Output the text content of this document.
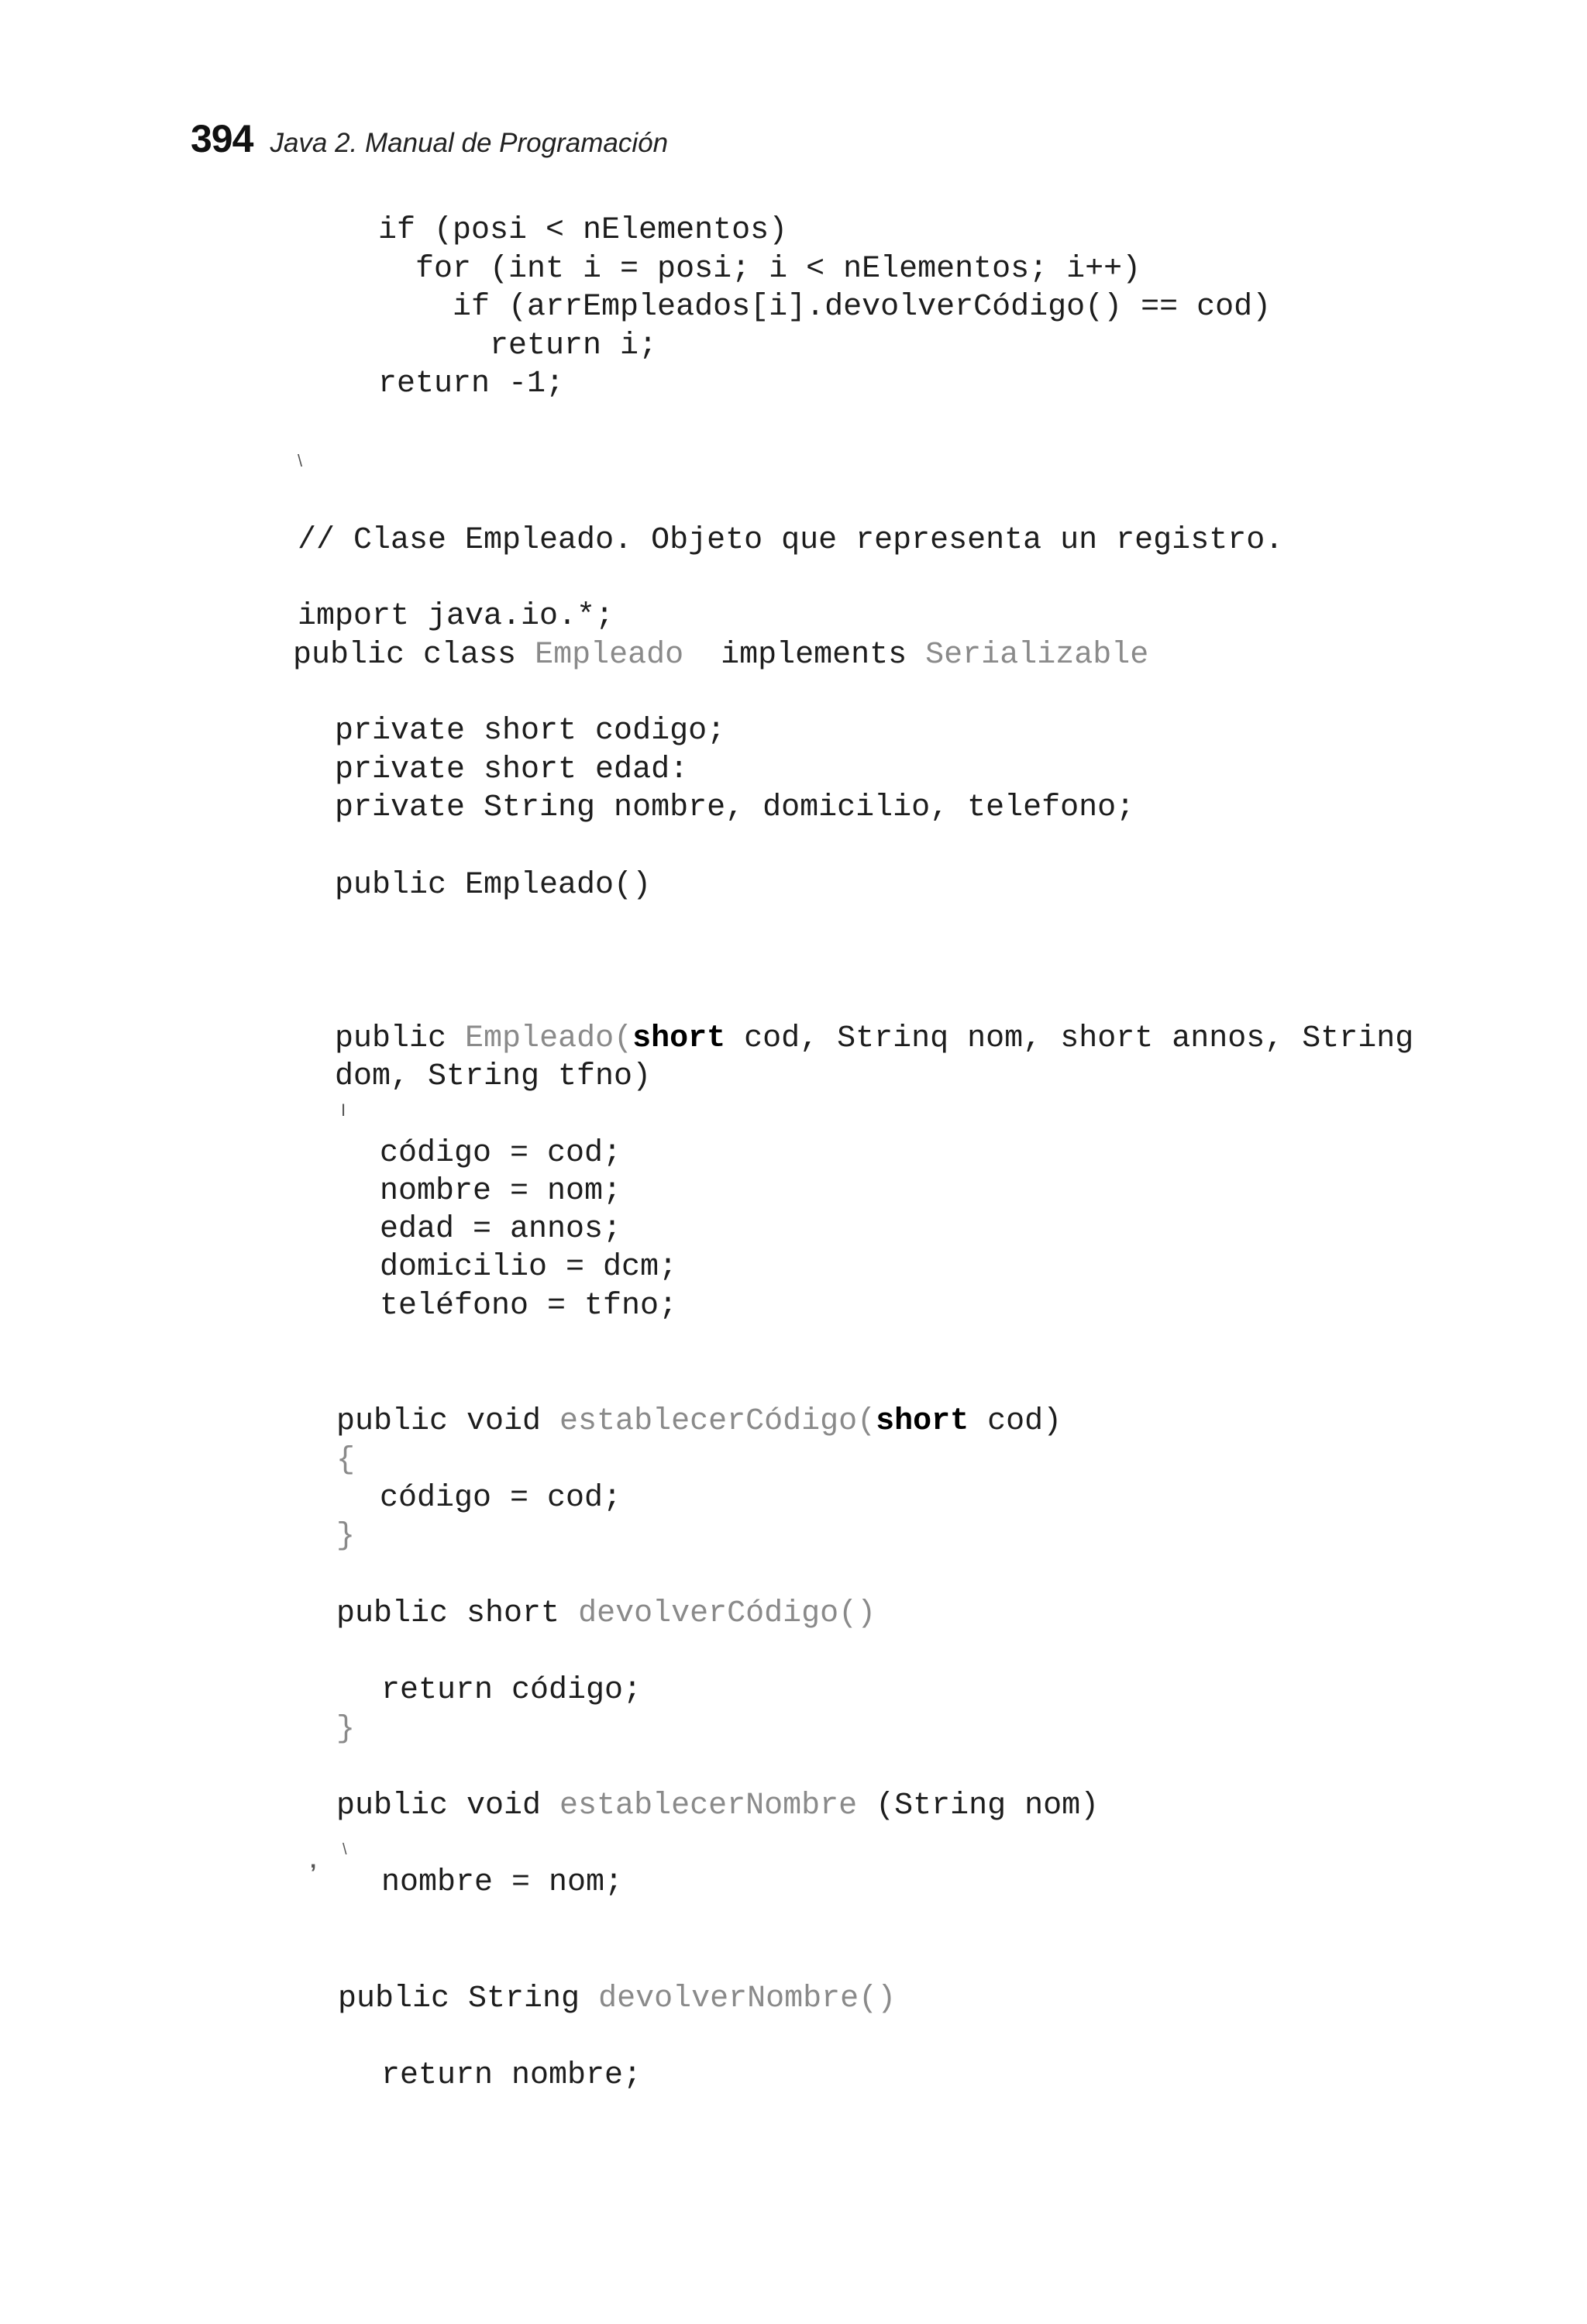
394 Java 2. Manual de Programación
if (posi < nElementos)
for (int i = posi; i < nElementos; i++)
if (arrEmpleados[i].devolverCódigo() == cod)
return i;
return -1;
\
// Clase Empleado. Objeto que representa un registro.
import java.io.*;
public class Empleado implements Serializable
private short codigo;
private short edad:
private String nombre, domicilio, telefono;
public Empleado()
public Empleado(short cod, Strinq nom, short annos, String
dom, String tfno)
I
código = cod;
nombre = nom;
edad = annos;
domicilio = dcm;
teléfono = tfno;
public void establecerCódigo(short cod)
{
código = cod;
}
public short devolverCódigo()
return código;
}
public void establecerNombre (String nom)
, \
nombre = nom;
public String devolverNombre()
return nombre;
